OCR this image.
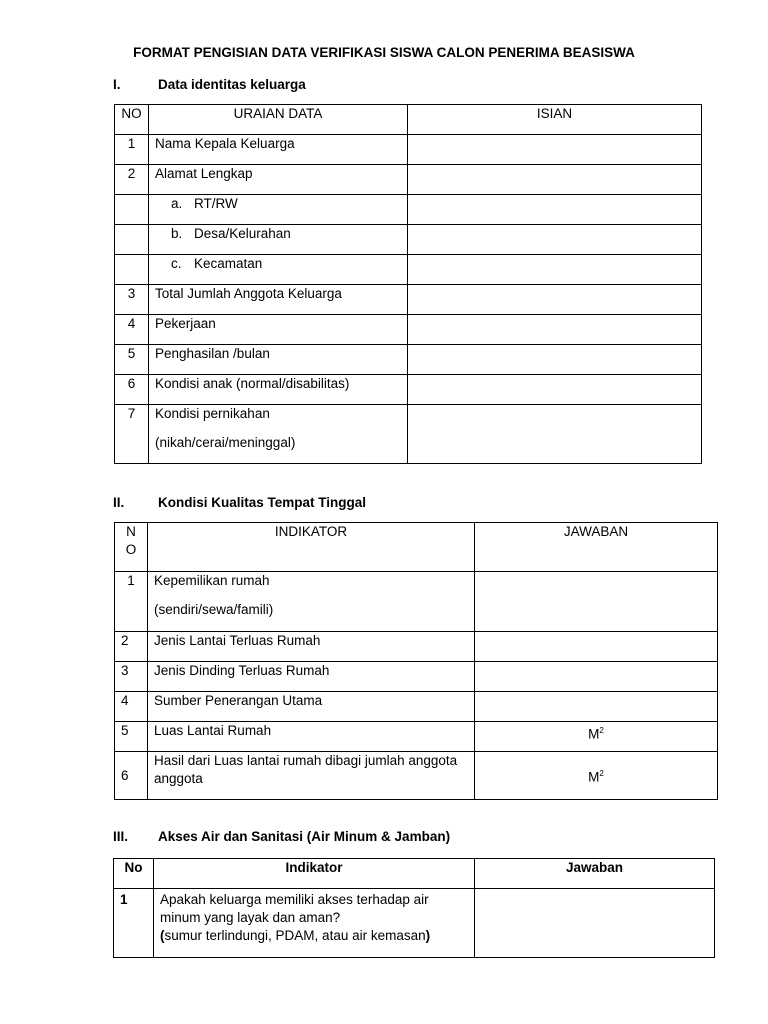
FORMAT PENGISIAN DATA VERIFIKASI SISWA CALON PENERIMA BEASISWA
I.	Data identitas keluarga
NO	URAIAN DATA	ISIAN
1	Nama Kepala Keluarga	
2	Alamat Lengkap	
	a. RT/RW	
	b. Desa/Kelurahan	
	c. Kecamatan	
3	Total Jumlah Anggota Keluarga	
4	Pekerjaan	
5	Penghasilan /bulan	
6	Kondisi anak (normal/disabilitas)	
7	Kondisi pernikahan
(nikah/cerai/meninggal)	

II. Kondisi Kualitas Tempat Tinggal
N
O	INDIKATOR	JAWABAN
1	Kepemilikan rumah
(sendiri/sewa/famili)	

2	Jenis Lantai Terluas Rumah	
3	Jenis Dinding Terluas Rumah	
4	Sumber Penerangan Utama	
5	Luas Lantai Rumah	$M^2$
6	Hasil dari Luas lantai rumah dibagi jumlah anggota anggota	$M^2$
III. Akses Air dan Sanitasi (Air Minum & Jamban)
No	Indikator	Jawaban
1	Apakah keluarga memiliki akses terhadap air minum yang layak dan aman?
(sumur terlindungi, PDAM, atau air kemasan)	
